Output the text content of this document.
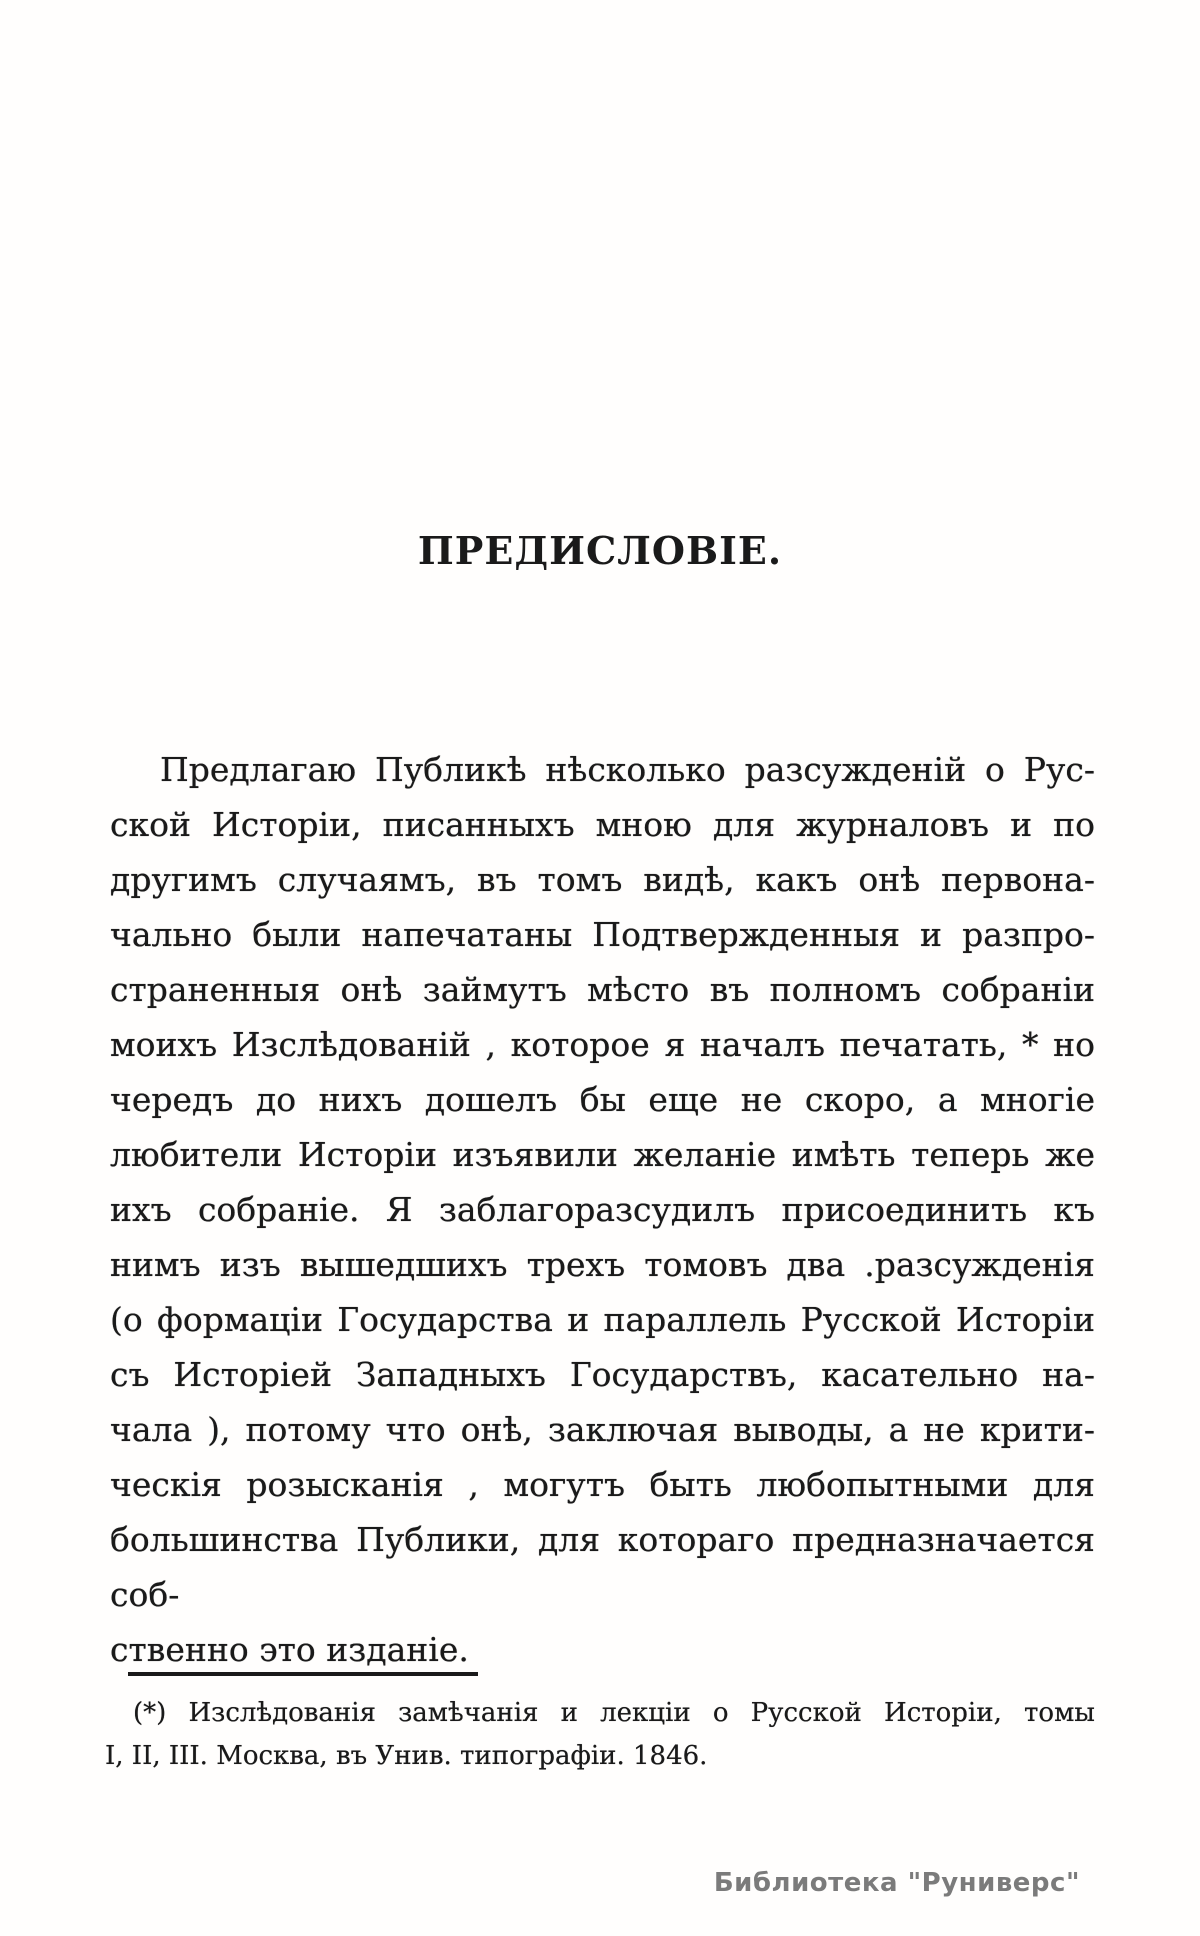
ПРЕДИСЛОВІЕ.
Предлагаю Публикѣ нѣсколько разсужденій о Рус-
ской Исторіи, писанныхъ мною для журналовъ и по
другимъ случаямъ, въ томъ видѣ, какъ онѣ первона-
чально были напечатаны Подтвержденныя и разпро-
страненныя онѣ займутъ мѣсто въ полномъ собраніи
моихъ Изслѣдованій , которое я началъ печатать, * но
чередъ до нихъ дошелъ бы еще не скоро, а многіе
любители Исторіи изъявили желаніе имѣть теперь же
ихъ собраніе. Я заблагоразсудилъ присоединить къ
нимъ изъ вышедшихъ трехъ томовъ два .разсужденія
(о формаціи Государства и параллель Русской Исторіи
съ Исторіей Западныхъ Государствъ, касательно на-
чала ), потому что онѣ, заключая выводы, а не крити-
ческія розысканія , могутъ быть любопытными для
большинства Публики, для котораго предназначается соб-
ственно это изданіе.
(*) Изслѣдованія замѣчанія и лекціи о Русской Исторіи, томы
I, II, III. Москва, въ Унив. типографіи. 1846.
Библиотека "Руниверс"
